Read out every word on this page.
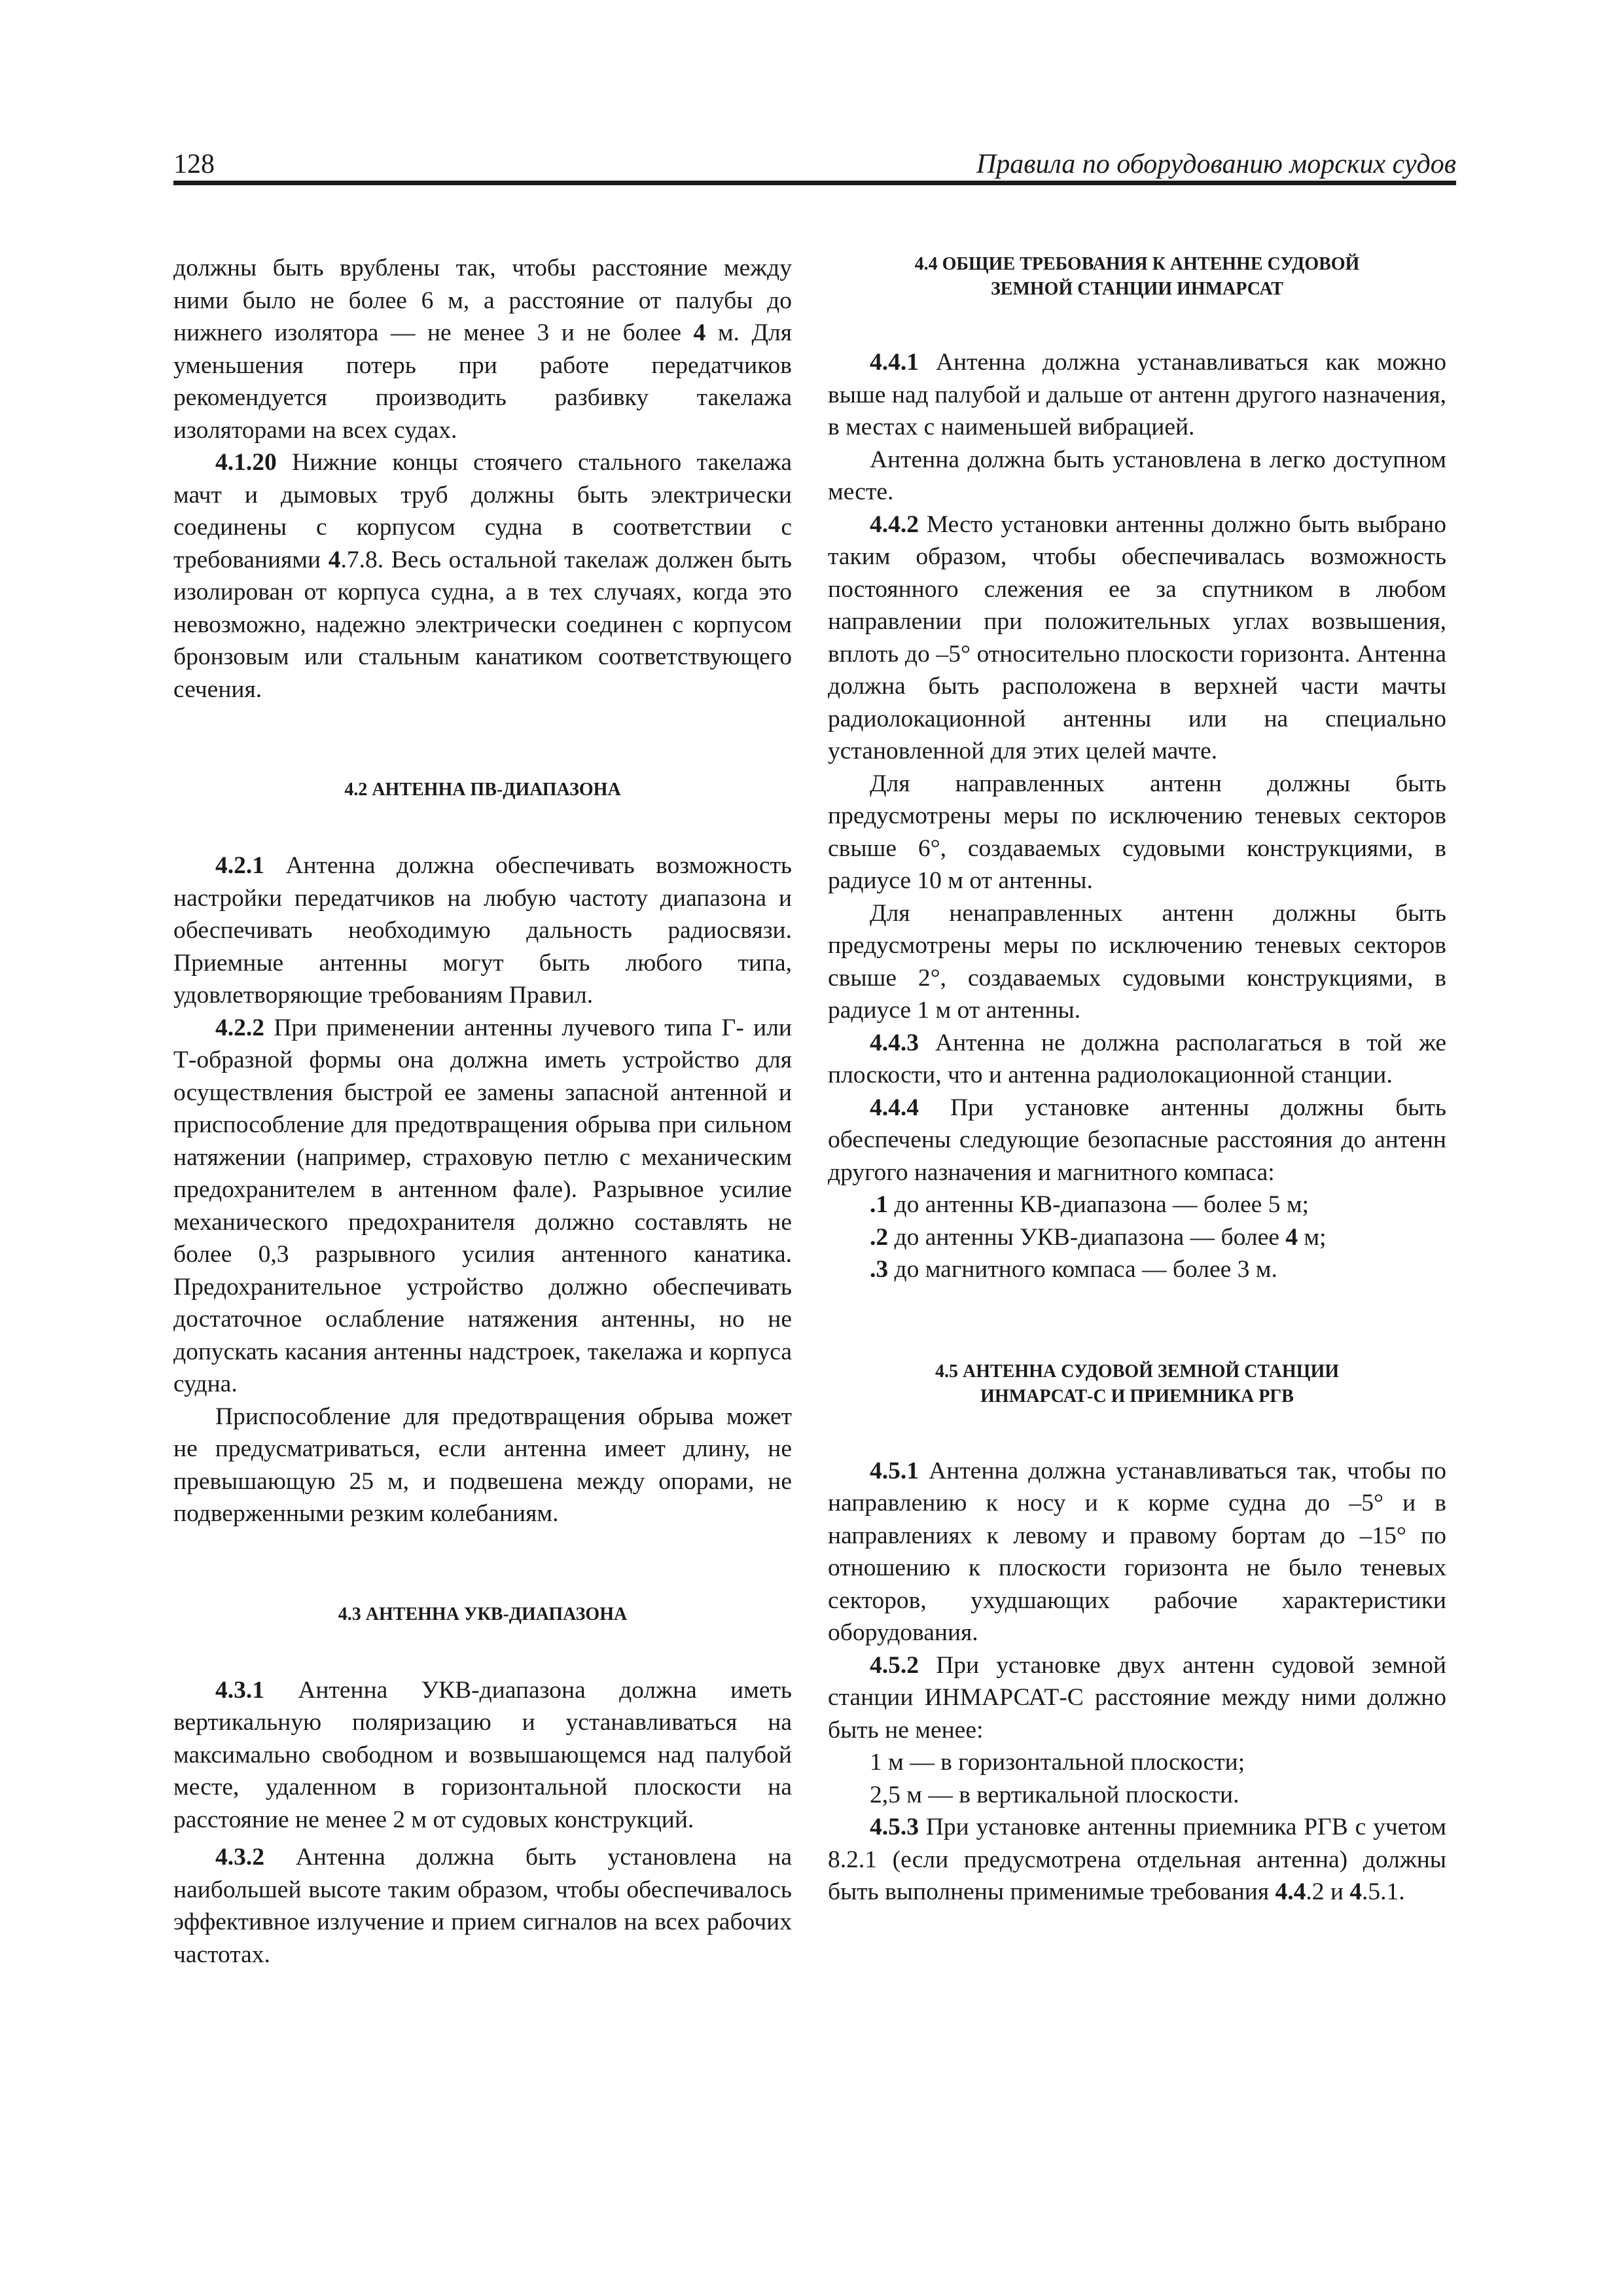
128	Правила по оборудованию морских судов

должны быть врублены так, чтобы расстояние между ними было не более 6 м, а расстояние от палубы до нижнего изолятора — не менее 3 и не более 4 м. Для уменьшения потерь при работе передатчиков рекомендуется производить разбивку такелажа изоляторами на всех судах.

4.1.20 Нижние концы стоячего стального такелажа мачт и дымовых труб должны быть электрически соединены с корпусом судна в соответствии с требованиями 4.7.8. Весь остальной такелаж должен быть изолирован от корпуса судна, а в тех случаях, когда это невозможно, надежно электрически соединен с корпусом бронзовым или стальным канатиком соответствующего сечения.

4.2 АНТЕННА ПВ-ДИАПАЗОНА

4.2.1 Антенна должна обеспечивать возможность настройки передатчиков на любую частоту диапазона и обеспечивать необходимую дальность радиосвязи. Приемные антенны могут быть любого типа, удовлетворяющие требованиям Правил.

4.2.2 При применении антенны лучевого типа Г- или Т-образной формы она должна иметь устройство для осуществления быстрой ее замены запасной антенной и приспособление для предотвращения обрыва при сильном натяжении (например, страховую петлю с механическим предохранителем в антенном фале). Разрывное усилие механического предохранителя должно составлять не более 0,3 разрывного усилия антенного канатика. Предохранительное устройство должно обеспечивать достаточное ослабление натяжения антенны, но не допускать касания антенны надстроек, такелажа и корпуса судна.

Приспособление для предотвращения обрыва может не предусматриваться, если антенна имеет длину, не превышающую 25 м, и подвешена между опорами, не подверженными резким колебаниям.

4.3 АНТЕННА УКВ-ДИАПАЗОНА

4.3.1 Антенна УКВ-диапазона должна иметь вертикальную поляризацию и устанавливаться на максимально свободном и возвышающемся над палубой месте, удаленном в горизонтальной плоскости на расстояние не менее 2 м от судовых конструкций.

4.3.2 Антенна должна быть установлена на наибольшей высоте таким образом, чтобы обеспечивалось эффективное излучение и прием сигналов на всех рабочих частотах.

4.4 ОБЩИЕ ТРЕБОВАНИЯ К АНТЕННЕ СУДОВОЙ
ЗЕМНОЙ СТАНЦИИ ИНМАРСАТ

4.4.1 Антенна должна устанавливаться как можно выше над палубой и дальше от антенн другого назначения, в местах с наименьшей вибрацией.

Антенна должна быть установлена в легко доступном месте.

4.4.2 Место установки антенны должно быть выбрано таким образом, чтобы обеспечивалась возможность постоянного слежения ее за спутником в любом направлении при положительных углах возвышения, вплоть до –5° относительно плоскости горизонта. Антенна должна быть расположена в верхней части мачты радиолокационной антенны или на специально установленной для этих целей мачте.

Для направленных антенн должны быть предусмотрены меры по исключению теневых секторов свыше 6°, создаваемых судовыми конструкциями, в радиусе 10 м от антенны.

Для ненаправленных антенн должны быть предусмотрены меры по исключению теневых секторов свыше 2°, создаваемых судовыми конструкциями, в радиусе 1 м от антенны.

4.4.3 Антенна не должна располагаться в той же плоскости, что и антенна радиолокационной станции.

4.4.4 При установке антенны должны быть обеспечены следующие безопасные расстояния до антенн другого назначения и магнитного компаса:

.1 до антенны КВ-диапазона — более 5 м;

.2 до антенны УКВ-диапазона — более 4 м;

.3 до магнитного компаса — более 3 м.

4.5 АНТЕННА СУДОВОЙ ЗЕМНОЙ СТАНЦИИ
ИНМАРСАТ-С И ПРИЕМНИКА РГВ

4.5.1 Антенна должна устанавливаться так, чтобы по направлению к носу и к корме судна до –5° и в направлениях к левому и правому бортам до –15° по отношению к плоскости горизонта не было теневых секторов, ухудшающих рабочие характеристики оборудования.

4.5.2 При установке двух антенн судовой земной станции ИНМАРСАТ-С расстояние между ними должно быть не менее:

1 м — в горизонтальной плоскости;

2,5 м — в вертикальной плоскости.

4.5.3 При установке антенны приемника РГВ с учетом 8.2.1 (если предусмотрена отдельная антенна) должны быть выполнены применимые требования 4.4.2 и 4.5.1.
